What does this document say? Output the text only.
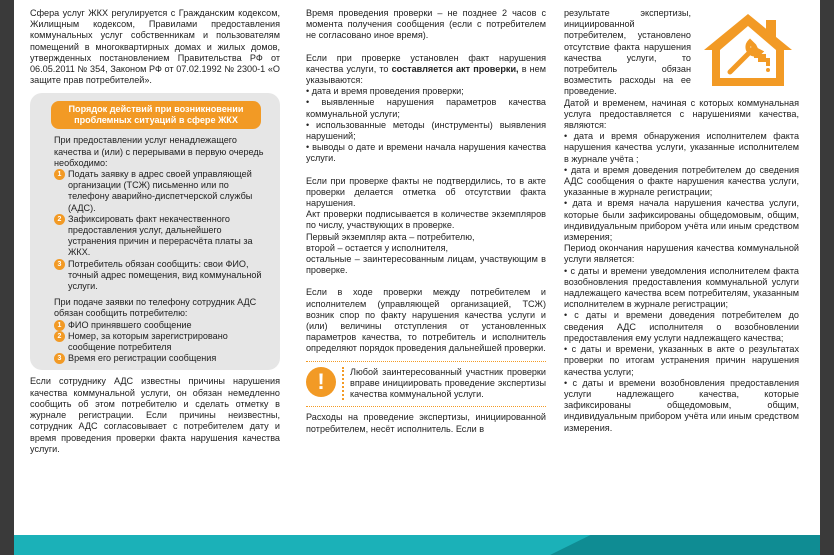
Сфера услуг ЖКХ регулируется с Гражданским кодексом, Жилищным кодексом, Правилами предоставления коммунальных услуг собственникам и пользователям помещений в многоквартирных домах и жилых домов, утвержденных постановлением Правительства РФ от 06.05.2011 № 354, Законом РФ от 07.02.1992 № 2300-1 «О защите прав потребителей».

Порядок действий при возникновении проблемных ситуаций в сфере ЖКХ

При предоставлении услуг ненадлежащего качества и (или) с перерывами в первую очередь необходимо:

1 Подать заявку в адрес своей управляющей организации (ТСЖ) письменно или по телефону аварийно-диспетчерской службы (АДС).
2 Зафиксировать факт некачественного предоставления услуг, дальнейшего устранения причин и перерасчёта платы за ЖКХ.
3 Потребитель обязан сообщить: свои ФИО, точный адрес помещения, вид коммунальной услуги.

При подаче заявки по телефону сотрудник АДС обязан сообщить потребителю:

1 ФИО принявшего сообщение
2 Номер, за которым зарегистрировано сообщение потребителя
3 Время его регистрации сообщения

Если сотруднику АДС известны причины нарушения качества коммунальной услуги, он обязан немедленно сообщить об этом потребителю и сделать отметку в журнале регистрации. Если причины неизвестны, сотрудник АДС согласовывает с потребителем дату и время проведения проверки факта нарушения качества услуги.

Время проведения проверки – не позднее 2 часов с момента получения сообщения (если с потребителем не согласовано иное время).

Если при проверке установлен факт нарушения качества услуги, то составляется акт проверки, в нем указываются:

• дата и время проведения проверки;

• выявленные нарушения параметров качества коммунальной услуги;

• использованные методы (инструменты) выявления нарушений;

• выводы о дате и времени начала нарушения качества услуги.

Если при проверке факты не подтвердились, то в акте проверки делается отметка об отсутствии факта нарушения.

Акт проверки подписывается в количестве экземпляров по числу, участвующих в проверке.

Первый экземпляр акта – потребителю,

второй – остается у исполнителя,

остальные – заинтересованным лицам, участвующим в проверке.

Если в ходе проверки между потребителем и исполнителем (управляющей организацией, ТСЖ) возник спор по факту нарушения качества услуги и (или) величины отступления от установленных параметров качества, то потребитель и исполнитель определяют порядок проведения дальнейшей проверки.

!	Любой заинтересованный участник проверки вправе инициировать проведение экспертизы качества коммунальной услуги.

Расходы на проведение экспертизы, инициированной потребителем, несёт исполнитель. Если в

результате экспертизы, инициированной потребителем, установлено отсутствие факта нарушения качества услуги, то потребитель обязан возместить расходы на ее проведение.

Датой и временем, начиная с которых коммунальная услуга предоставляется с нарушениями качества, являются:

• дата и время обнаружения исполнителем факта нарушения качества услуги, указанные исполнителем в журнале учёта ;

• дата и время доведения потребителем до сведения АДС сообщения о факте нарушения качества услуги, указанные в журнале регистрации;

• дата и время начала нарушения качества услуги, которые были зафиксированы общедомовым, общим, индивидуальным прибором учёта или иным средством измерения;

Период окончания нарушения качества коммунальной услуги является:

• с даты и времени уведомления исполнителем факта возобновления предоставления коммунальной услуги надлежащего качества всем потребителям, указанным исполнителем в журнале регистрации;

• с даты и времени доведения потребителем до сведения АДС исполнителя о возобновлении предоставления ему услуги надлежащего качества;

• с даты и времени, указанных в акте о результатах проверки по итогам устранения причин нарушения качества услуги;

• с даты и времени возобновления предоставления услуги надлежащего качества, которые зафиксированы общедомовым, общим, индивидуальным прибором учёта или иным средством измерения.
